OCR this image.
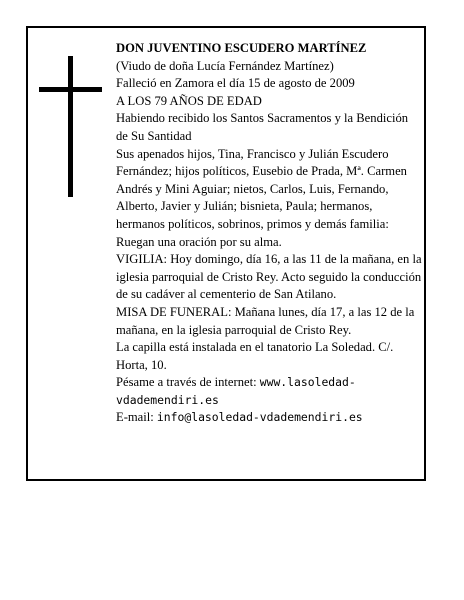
DON JUVENTINO ESCUDERO MARTÍNEZ

(Viudo de doña Lucía Fernández Martínez)

Falleció en Zamora el día 15 de agosto de 2009

A LOS 79 AÑOS DE EDAD

Habiendo recibido los Santos Sacramentos y la Bendición de Su Santidad

Sus apenados hijos, Tina, Francisco y Julián Escudero Fernández; hijos políticos, Eusebio de Prada, Mª. Carmen Andrés y Mini Aguiar; nietos, Carlos, Luis, Fernando, Alberto, Javier y Julián; bisnieta, Paula; hermanos, hermanos políticos, sobrinos, primos y demás familia:

Ruegan una oración por su alma.

VIGILIA: Hoy domingo, día 16, a las 11 de la mañana, en la iglesia parroquial de Cristo Rey. Acto seguido la conducción de su cadáver al cementerio de San Atilano.

MISA DE FUNERAL: Mañana lunes, día 17, a las 12 de la mañana, en la iglesia parroquial de Cristo Rey.

La capilla está instalada en el tanatorio La Soledad. C/. Horta, 10.

Pésame a través de internet: www.lasoledad-vdademendiri.es

E-mail: info@lasoledad-vdademendiri.es
